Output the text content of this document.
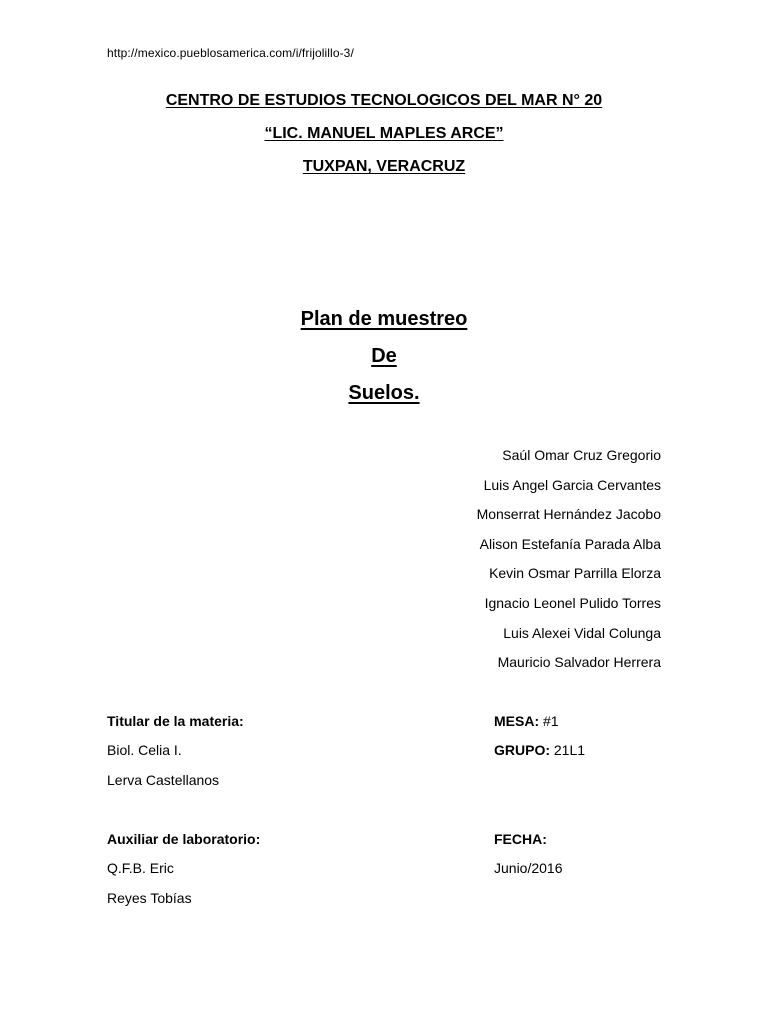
http://mexico.pueblosamerica.com/i/frijolillo-3/
CENTRO DE ESTUDIOS TECNOLOGICOS DEL MAR N° 20
“LIC. MANUEL MAPLES ARCE”
TUXPAN, VERACRUZ
Plan de muestreo
De
Suelos.
Saúl Omar Cruz Gregorio
Luis Angel Garcia Cervantes
Monserrat Hernández Jacobo
Alison Estefanía Parada Alba
Kevin Osmar Parrilla Elorza
Ignacio Leonel Pulido Torres
Luis Alexei Vidal Colunga
Mauricio Salvador Herrera
Titular de la materia:
Biol. Celia I.
Lerva Castellanos
MESA: #1
GRUPO: 21L1
Auxiliar de laboratorio:
Q.F.B. Eric
Reyes Tobías
FECHA:
Junio/2016
